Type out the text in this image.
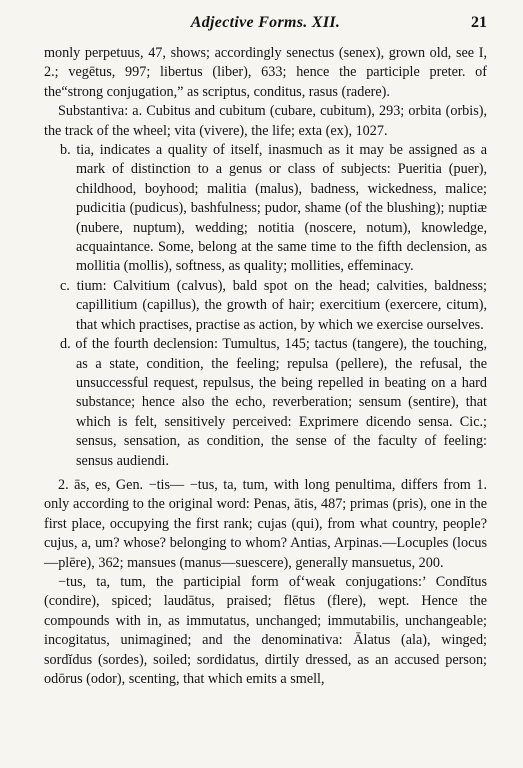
Adjective Forms. XII.	21

monly perpetuus, 47, shows; accordingly senectus (senex), grown old, see I, 2.; vegētus, 997; libertus (liber), 633; hence the participle preter. of the“strong conjugation,” as scriptus, conditus, rasus (radere).

Substantiva: a. Cubitus and cubitum (cubare, cubitum), 293; orbita (orbis), the track of the wheel; vita (vivere), the life; exta (ex), 1027.

b. tia, indicates a quality of itself, inasmuch as it may be assigned as a mark of distinction to a genus or class of subjects: Pueritia (puer), childhood, boyhood; malitia (malus), badness, wickedness, malice; pudicitia (pudicus), bashfulness; pudor, shame (of the blushing); nuptiæ (nubere, nuptum), wedding; notitia (noscere, notum), knowledge, acquaintance. Some, belong at the same time to the fifth declension, as mollitia (mollis), softness, as quality; mollities, effeminacy.

c. tium: Calvitium (calvus), bald spot on the head; calvities, baldness; capillitium (capillus), the growth of hair; exercitium (exercere, citum), that which practises, practise as action, by which we exercise ourselves.

d. of the fourth declension: Tumultus, 145; tactus (tangere), the touching, as a state, condition, the feeling; repulsa (pellere), the refusal, the unsuccessful request, repulsus, the being repelled in beating on a hard substance; hence also the echo, reverberation; sensum (sentire), that which is felt, sensitively perceived: Exprimere dicendo sensa. Cic.; sensus, sensation, as condition, the sense of the faculty of feeling: sensus audiendi.

2. ās, es, Gen. −tis— −tus, ta, tum, with long penultima, differs from 1. only according to the original word: Penas, ātis, 487; primas (pris), one in the first place, occupying the first rank; cujas (qui), from what country, people? cujus, a, um? whose? belonging to whom? Antias, Arpinas.—Locuples (locus—plēre), 362; mansues (manus—suescere), generally mansuetus, 200.

−tus, ta, tum, the participial form of‘weak conjugations:’ Condĭtus (condire), spiced; laudātus, praised; flētus (flere), wept. Hence the compounds with in, as immutatus, unchanged; immutabilis, unchangeable; incogitatus, unimagined; and the denominativa: Ālatus (ala), winged; sordĭdus (sordes), soiled; sordidatus, dirtily dressed, as an accused person; odōrus (odor), scenting, that which emits a smell,
